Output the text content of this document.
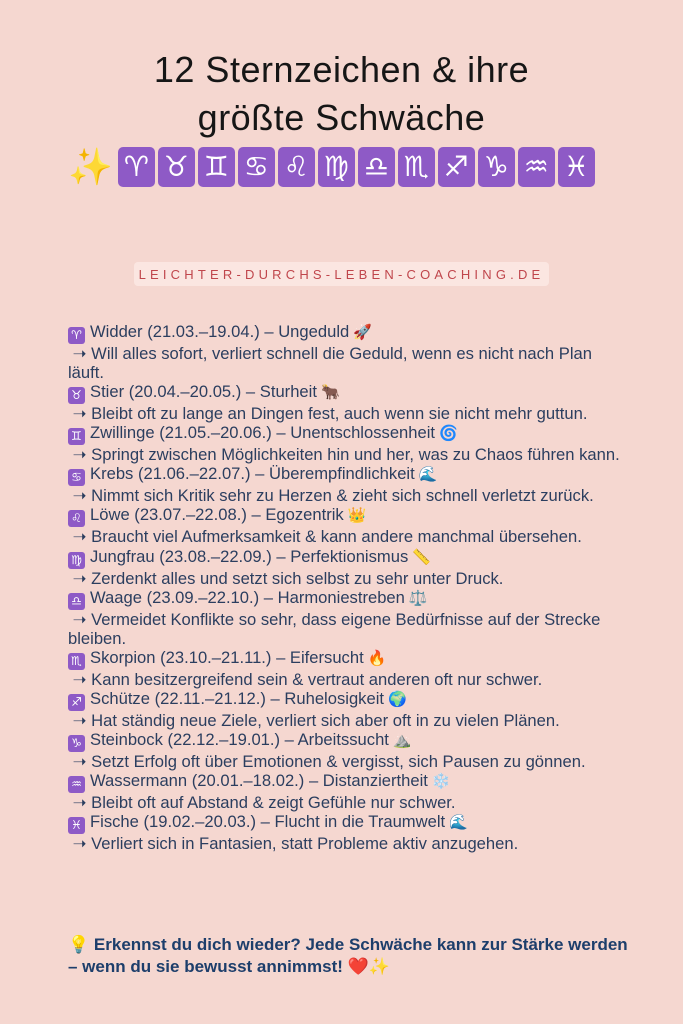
12 Sternzeichen & ihre
größte Schwäche
✨ ♈ ♉ ♊ ♋ ♌ ♍ ♎ ♏ ♐ ♑ ♒ ♓
LEICHTER-DURCHS-LEBEN-COACHING.DE
♈ Widder (21.03.–19.04.) – Ungeduld 🚀
➝ Will alles sofort, verliert schnell die Geduld, wenn es nicht nach Plan läuft.
♉ Stier (20.04.–20.05.) – Sturheit 🐂
➝ Bleibt oft zu lange an Dingen fest, auch wenn sie nicht mehr guttun.
♊ Zwillinge (21.05.–20.06.) – Unentschlossenheit 🌀
➝ Springt zwischen Möglichkeiten hin und her, was zu Chaos führen kann.
♋ Krebs (21.06.–22.07.) – Überempfindlichkeit 🌊
➝ Nimmt sich Kritik sehr zu Herzen & zieht sich schnell verletzt zurück.
♌ Löwe (23.07.–22.08.) – Egozentrik 👑
➝ Braucht viel Aufmerksamkeit & kann andere manchmal übersehen.
♍ Jungfrau (23.08.–22.09.) – Perfektionismus 📏
➝ Zerdenkt alles und setzt sich selbst zu sehr unter Druck.
♎ Waage (23.09.–22.10.) – Harmoniestreben ⚖️
➝ Vermeidet Konflikte so sehr, dass eigene Bedürfnisse auf der Strecke bleiben.
♏ Skorpion (23.10.–21.11.) – Eifersucht 🔥
➝ Kann besitzergreifend sein & vertraut anderen oft nur schwer.
♐ Schütze (22.11.–21.12.) – Ruhelosigkeit 🌍
➝ Hat ständig neue Ziele, verliert sich aber oft in zu vielen Plänen.
♑ Steinbock (22.12.–19.01.) – Arbeitssucht ⛰️
➝ Setzt Erfolg oft über Emotionen & vergisst, sich Pausen zu gönnen.
♒ Wassermann (20.01.–18.02.) – Distanziertheit ❄️
➝ Bleibt oft auf Abstand & zeigt Gefühle nur schwer.
♓ Fische (19.02.–20.03.) – Flucht in die Traumwelt 🌊
➝ Verliert sich in Fantasien, statt Probleme aktiv anzugehen.
💡 Erkennst du dich wieder? Jede Schwäche kann zur Stärke werden – wenn du sie bewusst annimmst! ❤️✨
